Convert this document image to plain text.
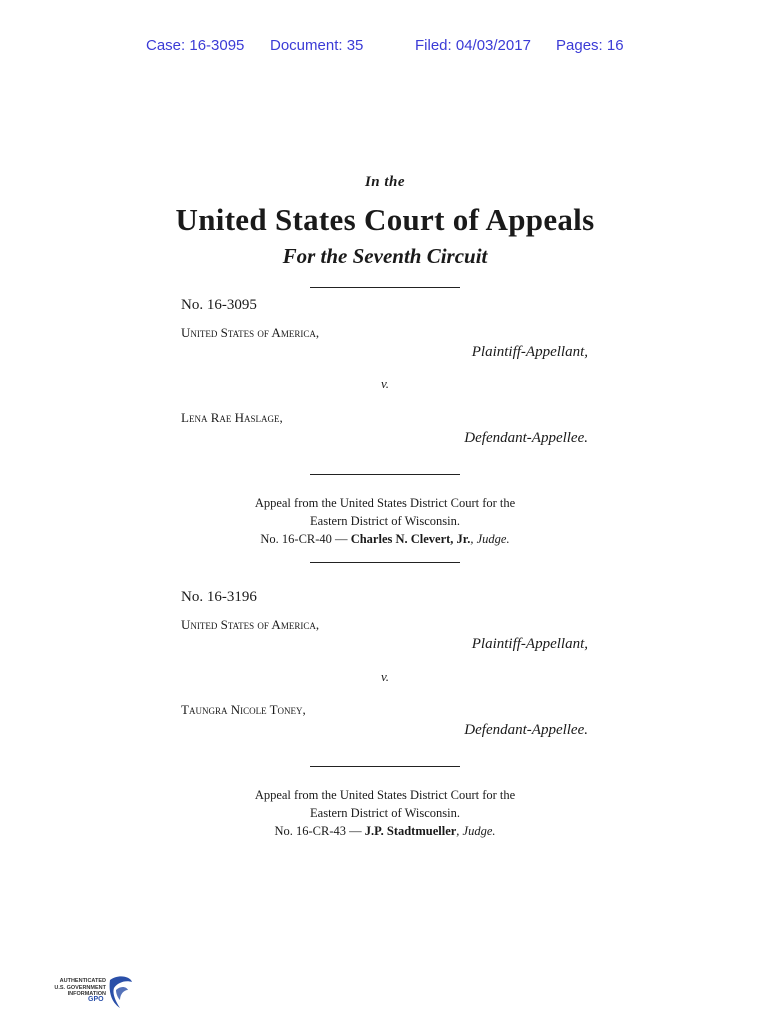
Case: 16-3095 Document: 35	Filed: 04/03/2017 Pages: 16
In the
United States Court of Appeals
For the Seventh Circuit
No. 16-3095
United States of America,
Plaintiff-Appellant,
v.
Lena Rae Haslage,
Defendant-Appellee.
Appeal from the United States District Court for the
Eastern District of Wisconsin.
No. 16-CR-40 — Charles N. Clevert, Jr., Judge.
No. 16-3196
United States of America,
Plaintiff-Appellant,
v.
Taungra Nicole Toney,
Defendant-Appellee.
Appeal from the United States District Court for the
Eastern District of Wisconsin.
No. 16-CR-43 — J.P. Stadtmueller, Judge.
AUTHENTICATED
U.S. GOVERNMENT
INFORMATION
GPO
